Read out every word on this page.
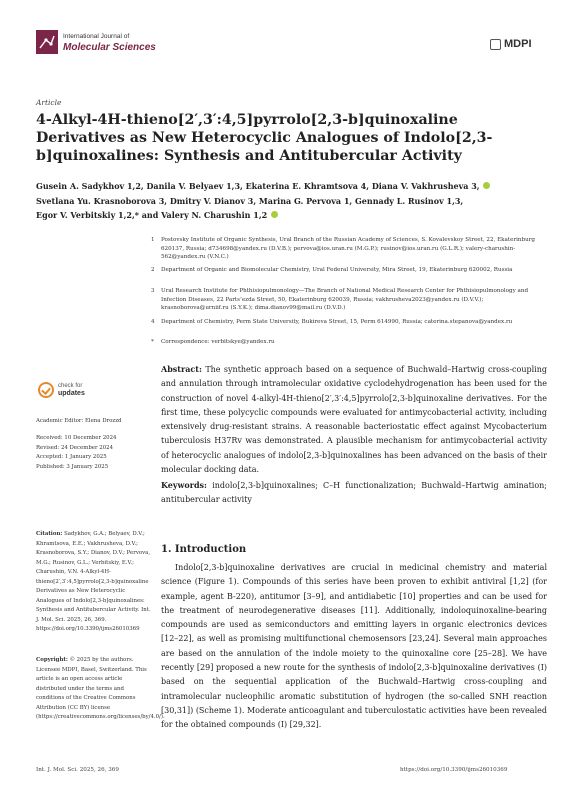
International Journal of
Molecular Sciences	MDPI
Article
4-Alkyl-4H-thieno[2′,3′:4,5]pyrrolo[2,3-b]quinoxaline Derivatives as New Heterocyclic Analogues of Indolo[2,3-b]quinoxalines: Synthesis and Antitubercular Activity
Gusein A. Sadykhov 1,2, Danila V. Belyaev 1,3, Ekaterina E. Khramtsova 4, Diana V. Vakhrusheva 3,
Svetlana Yu. Krasnoborova 3, Dmitry V. Dianov 3, Marina G. Pervova 1, Gennady L. Rusinov 1,3,
Egor V. Verbitskiy 1,2,* and Valery N. Charushin 1,2
1 Postovsky Institute of Organic Synthesis, Ural Branch of the Russian Academy of Sciences, S. Kovalevskoy Street, 22, Ekaterinburg 620137, Russia; d734698@yandex.ru (D.V.B.); pervova@ios.uran.ru (M.G.P.); rusinov@ios.uran.ru (G.L.R.); valery-charushin-562@yandex.ru (V.N.C.)
2 Department of Organic and Biomolecular Chemistry, Ural Federal University, Mira Street, 19, Ekaterinburg 620002, Russia
3 Ural Research Institute for Phthisiopulmonology—The Branch of National Medical Research Center for Phthisiopulmonology and Infection Diseases, 22 Parts’ezda Street, 50, Ekaterinburg 620039, Russia; vakhrusheva2023@yandex.ru (D.V.V.); krasnoborova@urniif.ru (S.Y.K.); dima.dianov99@mail.ru (D.V.D.)
4 Department of Chemistry, Perm State University, Bukireva Street, 15, Perm 614990, Russia; caterina.stepanova@yandex.ru
* Correspondence: verbitskye@yandex.ru
Abstract: The synthetic approach based on a sequence of Buchwald–Hartwig cross-coupling and annulation through intramolecular oxidative cyclodehydrogenation has been used for the construction of novel 4-alkyl-4H-thieno[2′,3′:4,5]pyrrolo[2,3-b]quinoxaline derivatives. For the first time, these polycyclic compounds were evaluated for antimycobacterial activity, including extensively drug-resistant strains. A reasonable bacteriostatic effect against Mycobacterium tuberculosis H37Rv was demonstrated. A plausible mechanism for antimycobacterial activity of heterocyclic analogues of indolo[2,3-b]quinoxalines has been advanced on the basis of their molecular docking data.
Keywords: indolo[2,3-b]quinoxalines; C–H functionalization; Buchwald–Hartwig amination; antitubercular activity
check for
updates
Academic Editor: Elena Drozzd
Received: 10 December 2024
Revised: 24 December 2024
Accepted: 1 January 2025
Published: 3 January 2025
Citation: Sadykhov, G.A.; Belyaev, D.V.; Khramtsova, E.E.; Vakhrusheva, D.V.; Krasnoborova, S.Y.; Dianov, D.V.; Pervova, M.G.; Rusinov, G.L.; Verbitskiy, E.V.; Charushin, V.N. 4-Alkyl-4H-thieno[2′,3′:4,5]pyrrolo[2,3-b]quinoxaline Derivatives as New Heterocyclic Analogues of Indolo[2,3-b]quinoxalines: Synthesis and Antitubercular Activity. Int. J. Mol. Sci. 2025, 26, 369. https://doi.org/10.3390/ijms26010369
Copyright: © 2025 by the authors. Licensee MDPI, Basel, Switzerland. This article is an open access article distributed under the terms and conditions of the Creative Commons Attribution (CC BY) license (https://creativecommons.org/licenses/by/4.0/).
1. Introduction
Indolo[2,3-b]quinoxaline derivatives are crucial in medicinal chemistry and material science (Figure 1). Compounds of this series have been proven to exhibit antiviral [1,2] (for example, agent B-220), antitumor [3–9], and antidiabetic [10] properties and can be used for the treatment of neurodegenerative diseases [11]. Additionally, indoloquinoxaline-bearing compounds are used as semiconductors and emitting layers in organic electronics devices [12–22], as well as promising multifunctional chemosensors [23,24]. Several main approaches are based on the annulation of the indole moiety to the quinoxaline core [25–28]. We have recently [29] proposed a new route for the synthesis of indolo[2,3-b]quinoxaline derivatives (I) based on the sequential application of the Buchwald–Hartwig cross-coupling and intramolecular nucleophilic aromatic substitution of hydrogen (the so-called SNH reaction [30,31]) (Scheme 1). Moderate anticoagulant and tuberculostatic activities have been revealed for the obtained compounds (I) [29,32].
Int. J. Mol. Sci. 2025, 26, 369	https://doi.org/10.3390/ijms26010369
